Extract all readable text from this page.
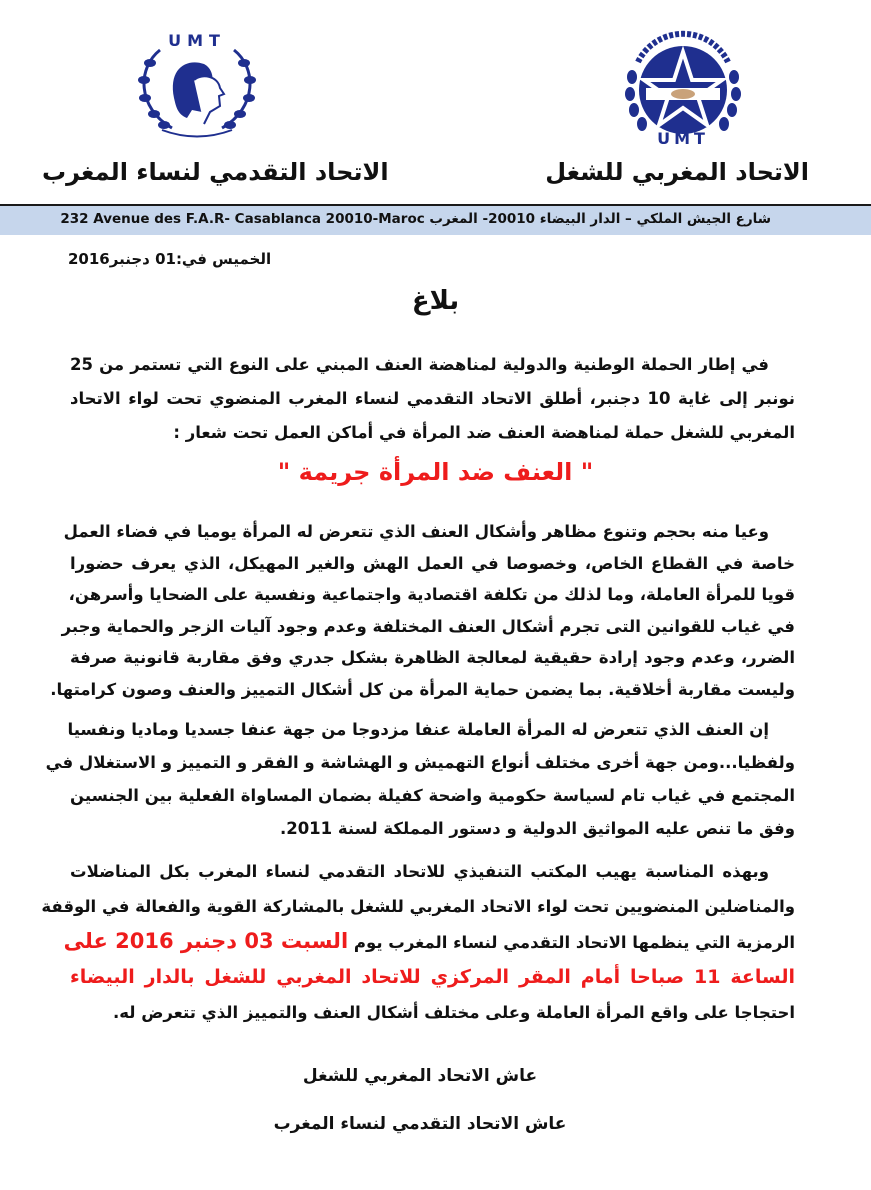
UMT
UMT
الاتحاد المغربي للشغل
الاتحاد التقدمي لنساء المغرب
232 Avenue des F.A.R- Casablanca 20010-Maroc شارع الجيش الملكي – الدار البيضاء 20010- المغرب
الخميس في:01 دجنبر2016
بلاغ
في إطار الحملة الوطنية والدولية لمناهضة العنف المبني على النوع التي تستمر من 25
نونبر إلى غاية 10 دجنبر، أطلق الاتحاد التقدمي لنساء المغرب المنضوي تحت لواء الاتحاد
المغربي للشغل حملة لمناهضة العنف ضد المرأة في أماكن العمل تحت شعار :
" العنف ضد المرأة جريمة "
وعيا منه بحجم وتنوع مظاهر وأشكال العنف الذي تتعرض له المرأة يوميا في فضاء العمل
خاصة في القطاع الخاص، وخصوصا في العمل الهش والغير المهيكل، الذي يعرف حضورا
قويا للمرأة العاملة، وما لذلك من تكلفة اقتصادية واجتماعية ونفسية على الضحايا وأسرهن،
في غياب للقوانين التى تجرم أشكال العنف المختلفة وعدم وجود آليات الزجر والحماية وجبر
الضرر، وعدم وجود إرادة حقيقية لمعالجة الظاهرة بشكل جدري وفق مقاربة قانونية صرفة
وليست مقاربة أخلاقية. بما يضمن حماية المرأة من كل أشكال التمييز والعنف وصون كرامتها.
إن العنف الذي تتعرض له المرأة العاملة عنفا مزدوجا من جهة عنفا جسديا وماديا ونفسيا
ولفظيا...ومن جهة أخرى مختلف أنواع التهميش و الهشاشة و الفقر و التمييز و الاستغلال في
المجتمع في غياب تام لسياسة حكومية واضحة كفيلة بضمان المساواة الفعلية بين الجنسين
وفق ما تنص عليه المواثيق الدولية و دستور المملكة لسنة 2011.
وبهذه المناسبة يهيب المكتب التنفيذي للاتحاد التقدمي لنساء المغرب بكل المناضلات
والمناضلين المنضويين تحت لواء الاتحاد المغربي للشغل بالمشاركة القوية والفعالة في الوقفة
الرمزية التي ينظمها الاتحاد التقدمي لنساء المغرب يوم السبت 03 دجنبر 2016 على
الساعة 11 صباحا أمام المقر المركزي للاتحاد المغربي للشغل بالدار البيضاء
احتجاجا على واقع المرأة العاملة وعلى مختلف أشكال العنف والتمييز الذي تتعرض له.
عاش الاتحاد المغربي للشغل
عاش الاتحاد التقدمي لنساء المغرب
